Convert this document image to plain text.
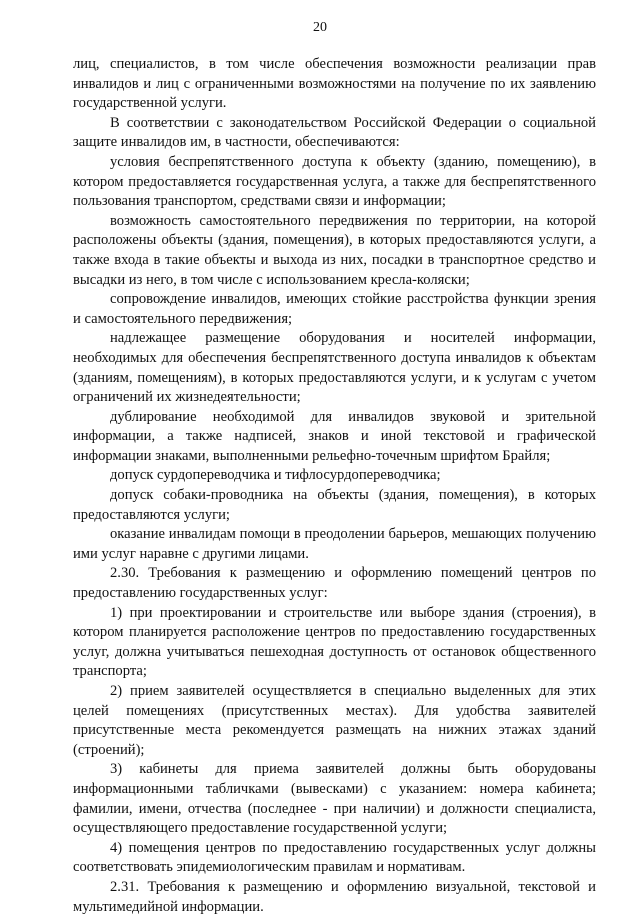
20

лиц, специалистов, в том числе обеспечения возможности реализации прав инвалидов и лиц с ограниченными возможностями на получение по их заявлению государственной услуги.

В соответствии с законодательством Российской Федерации о социальной защите инвалидов им, в частности, обеспечиваются:

условия беспрепятственного доступа к объекту (зданию, помещению), в котором предоставляется государственная услуга, а также для беспрепятственного пользования транспортом, средствами связи и информации;

возможность самостоятельного передвижения по территории, на которой расположены объекты (здания, помещения), в которых предоставляются услуги, а также входа в такие объекты и выхода из них, посадки в транспортное средство и высадки из него, в том числе с использованием кресла-коляски;

сопровождение инвалидов, имеющих стойкие расстройства функции зрения и самостоятельного передвижения;

надлежащее размещение оборудования и носителей информации, необходимых для обеспечения беспрепятственного доступа инвалидов к объектам (зданиям, помещениям), в которых предоставляются услуги, и к услугам с учетом ограничений их жизнедеятельности;

дублирование необходимой для инвалидов звуковой и зрительной информации, а также надписей, знаков и иной текстовой и графической информации знаками, выполненными рельефно-точечным шрифтом Брайля;

допуск сурдопереводчика и тифлосурдопереводчика;

допуск собаки-проводника на объекты (здания, помещения), в которых предоставляются услуги;

оказание инвалидам помощи в преодолении барьеров, мешающих получению ими услуг наравне с другими лицами.

2.30. Требования к размещению и оформлению помещений центров по предоставлению государственных услуг:

1) при проектировании и строительстве или выборе здания (строения), в котором планируется расположение центров по предоставлению государственных услуг, должна учитываться пешеходная доступность от остановок общественного транспорта;

2) прием заявителей осуществляется в специально выделенных для этих целей помещениях (присутственных местах). Для удобства заявителей присутственные места рекомендуется размещать на нижних этажах зданий (строений);

3) кабинеты для приема заявителей должны быть оборудованы информационными табличками (вывесками) с указанием: номера кабинета; фамилии, имени, отчества (последнее - при наличии) и должности специалиста, осуществляющего предоставление государственной услуги;

4) помещения центров по предоставлению государственных услуг должны соответствовать эпидемиологическим правилам и нормативам.

2.31. Требования к размещению и оформлению визуальной, текстовой и мультимедийной информации.
